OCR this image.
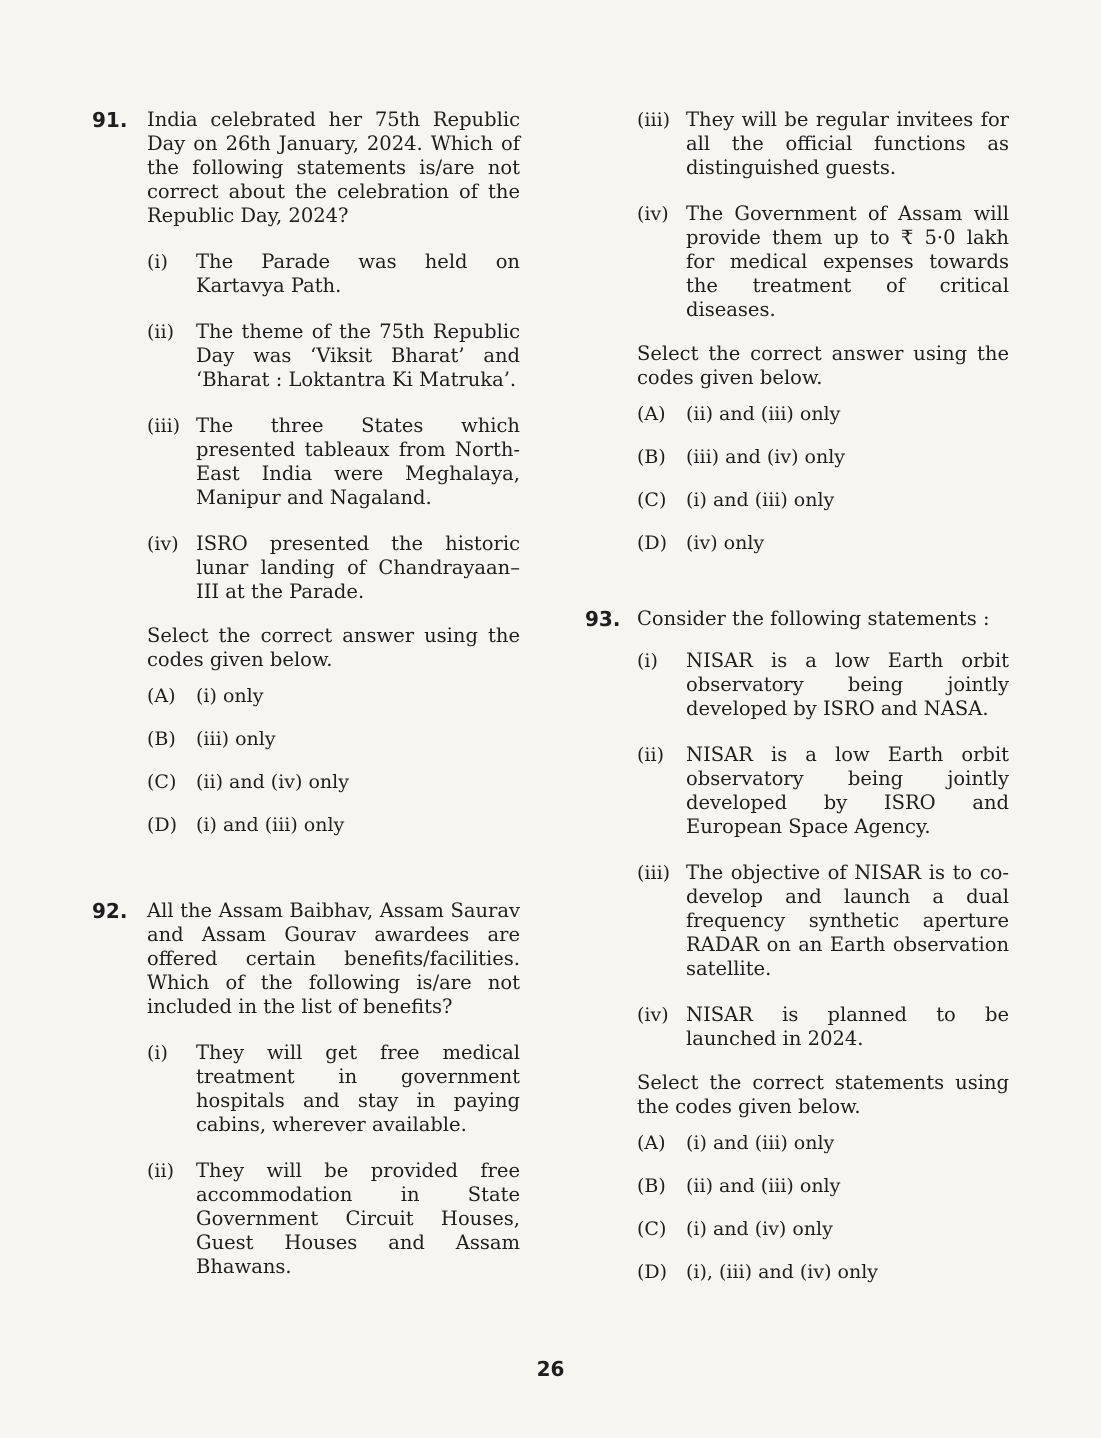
91.	India celebrated her 75th Republic Day on 26th January, 2024. Which of the following statements is/are not correct about the celebration of the Republic Day, 2024?
(i)	The Parade was held on Kartavya Path.
(ii)	The theme of the 75th Republic Day was ‘Viksit Bharat’ and ‘Bharat : Loktantra Ki Matruka’.
(iii) The three States which presented tableaux from North-East India were Meghalaya, Manipur and Nagaland.
(iv) ISRO presented the historic lunar landing of Chandrayaan–III at the Parade.
Select the correct answer using the codes given below.
(A)	(i) only
(B)	(iii) only
(C)	(ii) and (iv) only
(D) (i) and (iii) only
92.	All the Assam Baibhav, Assam Saurav and Assam Gourav awardees are offered certain benefits/facilities. Which of the following is/are not included in the list of benefits?
(i)	They will get free medical treatment in government hospitals and stay in paying cabins, wherever available.
(ii)	They will be provided free accommodation in State Government Circuit Houses, Guest Houses and Assam Bhawans.
(iii) They will be regular invitees for all the official functions as distinguished guests.
(iv) The Government of Assam will provide them up to ₹ 5·0 lakh for medical expenses towards the treatment of critical diseases.
Select the correct answer using the codes given below.
(A)	(ii) and (iii) only
(B)	(iii) and (iv) only
(C)	(i) and (iii) only
(D) (iv) only
93. Consider the following statements :
(i)	NISAR is a low Earth orbit observatory being jointly developed by ISRO and NASA.
(ii)	NISAR is a low Earth orbit observatory being jointly developed by ISRO and European Space Agency.
(iii) The objective of NISAR is to co-develop and launch a dual frequency synthetic aperture RADAR on an Earth observation satellite.
(iv) NISAR is planned to be launched in 2024.
Select the correct statements using the codes given below.
(A)	(i) and (iii) only
(B)	(ii) and (iii) only
(C)	(i) and (iv) only
(D) (i), (iii) and (iv) only
26
